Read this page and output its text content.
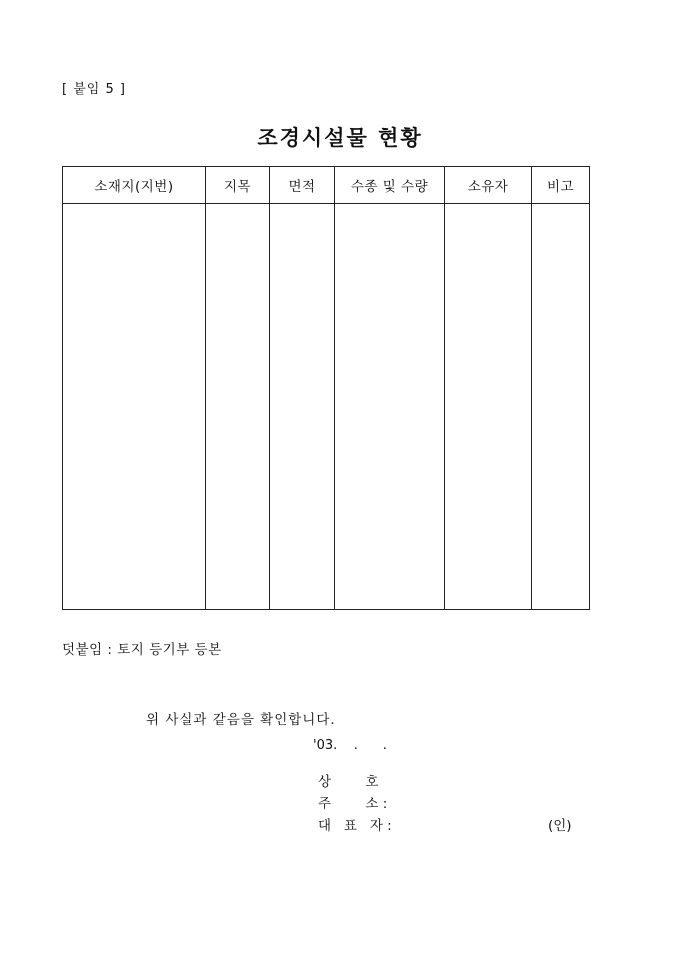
[ 붙임 5 ]
조경시설물 현황
소재지(지번)	지목	면적	수종 및 수량	소유자	비고

덧붙임 : 토지 등기부 등본
위 사실과 같음을 확인합니다.
'03.    .      .
상        호
주        소 :
대   표   자 :	(인)
